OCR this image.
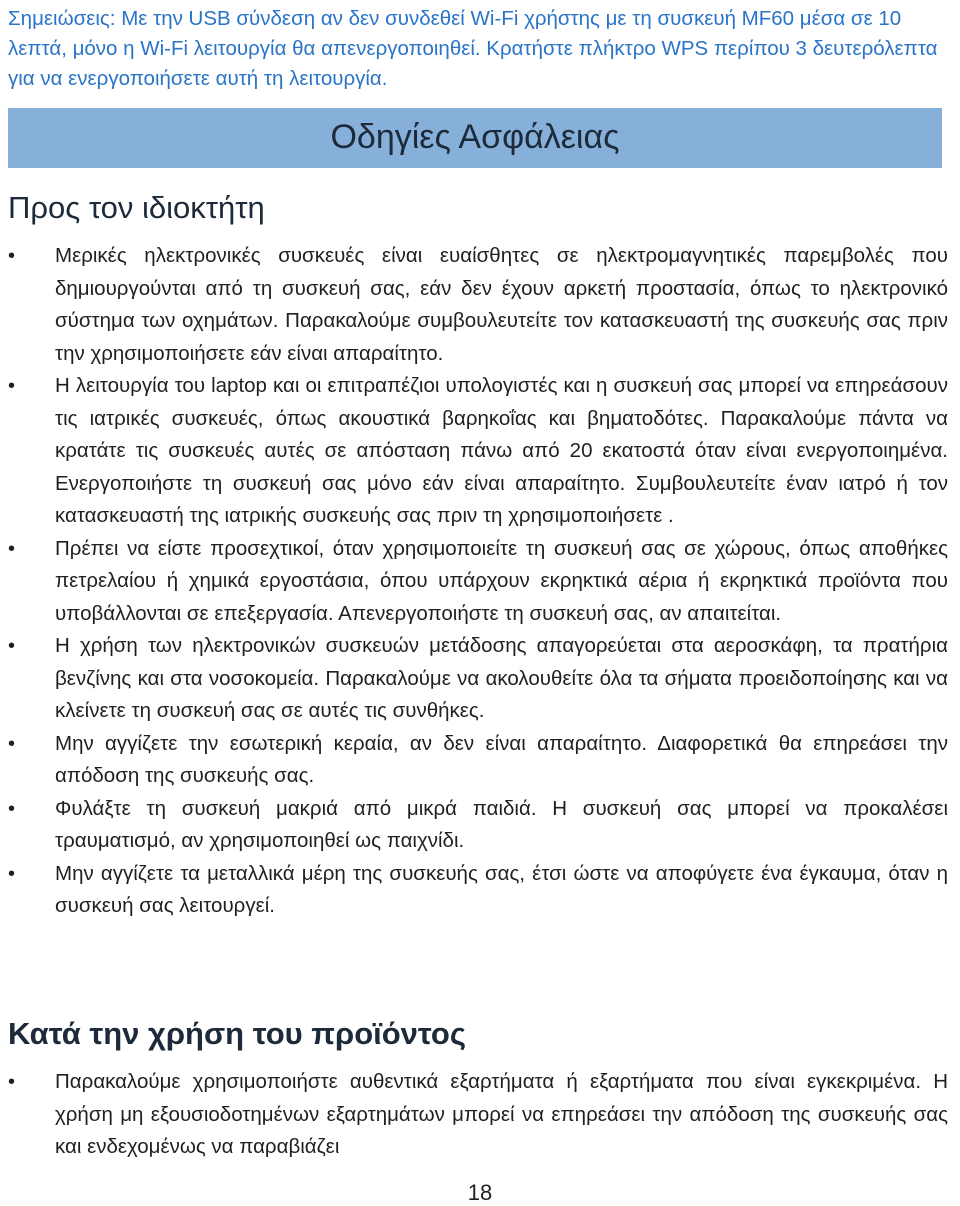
Σημειώσεις: Με την USB σύνδεση αν δεν συνδεθεί Wi-Fi χρήστης με τη συσκευή MF60 μέσα σε 10 λεπτά, μόνο η Wi-Fi λειτουργία θα απενεργοποιηθεί. Κρατήστε πλήκτρο WPS περίπου 3 δευτερόλεπτα για να ενεργοποιήσετε αυτή τη λειτουργία.
Οδηγίες Ασφάλειας
Προς τον ιδιοκτήτη
•	Μερικές ηλεκτρονικές συσκευές είναι ευαίσθητες σε ηλεκτρομαγνητικές παρεμβολές που δημιουργούνται από τη συσκευή σας, εάν δεν έχουν αρκετή προστασία, όπως το ηλεκτρονικό σύστημα των οχημάτων. Παρακαλούμε συμβουλευτείτε τον κατασκευαστή της συσκευής σας πριν την χρησιμοποιήσετε εάν είναι απαραίτητο.
•	Η λειτουργία του laptop και οι επιτραπέζιοι υπολογιστές και η συσκευή σας μπορεί να επηρεάσουν τις ιατρικές συσκευές, όπως ακουστικά βαρηκοΐας και βηματοδότες. Παρακαλούμε πάντα να κρατάτε τις συσκευές αυτές σε απόσταση πάνω από 20 εκατοστά όταν είναι ενεργοποιημένα. Ενεργοποιήστε τη συσκευή σας μόνο εάν είναι απαραίτητο. Συμβουλευτείτε έναν ιατρό ή τον κατασκευαστή της ιατρικής συσκευής σας πριν τη χρησιμοποιήσετε .
•	Πρέπει να είστε προσεχτικοί, όταν χρησιμοποιείτε τη συσκευή σας σε χώρους, όπως αποθήκες πετρελαίου ή χημικά εργοστάσια, όπου υπάρχουν εκρηκτικά αέρια ή εκρηκτικά προϊόντα που υποβάλλονται σε επεξεργασία. Απενεργοποιήστε τη συσκευή σας, αν απαιτείται.
•	Η χρήση των ηλεκτρονικών συσκευών μετάδοσης απαγορεύεται στα αεροσκάφη, τα πρατήρια βενζίνης και στα νοσοκομεία. Παρακαλούμε να ακολουθείτε όλα τα σήματα προειδοποίησης και να κλείνετε τη συσκευή σας σε αυτές τις συνθήκες.
•	Μην αγγίζετε την εσωτερική κεραία, αν δεν είναι απαραίτητο. Διαφορετικά θα επηρεάσει την απόδοση της συσκευής σας.
•	Φυλάξτε τη συσκευή μακριά από μικρά παιδιά. Η συσκευή σας μπορεί να προκαλέσει τραυματισμό, αν χρησιμοποιηθεί ως παιχνίδι.
•	Μην αγγίζετε τα μεταλλικά μέρη της συσκευής σας, έτσι ώστε να αποφύγετε ένα έγκαυμα, όταν η συσκευή σας λειτουργεί.
Κατά την χρήση του προϊόντος
•	Παρακαλούμε χρησιμοποιήστε αυθεντικά εξαρτήματα ή εξαρτήματα που είναι εγκεκριμένα. Η χρήση μη εξουσιοδοτημένων εξαρτημάτων μπορεί να επηρεάσει την απόδοση της συσκευής σας και ενδεχομένως να παραβιάζει
18
